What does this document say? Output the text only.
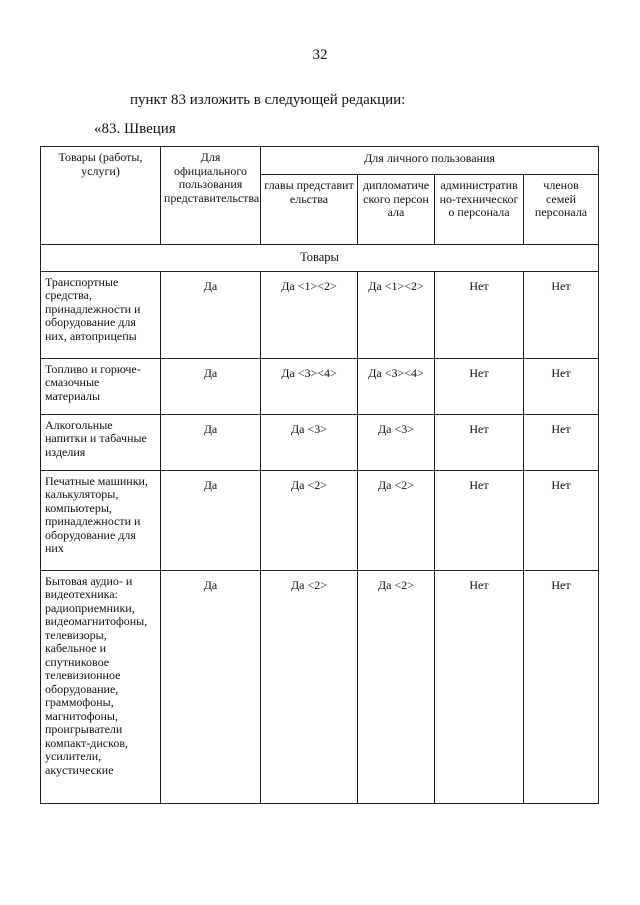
32
пункт 83 изложить в следующей редакции:
«83. Швеция
Товары (работы, услуги)	Для официального пользования представительства	Для личного пользования			
		главы представительства	дипломатического персонала	административно-технического персонала	членов семей персонала
Товары					
Транспортные средства, принадлежности и оборудование для них, автоприцепы	Да	Да <1><2>	Да <1><2>	Нет	Нет
Топливо и горюче-смазочные материалы	Да	Да <3><4>	Да <3><4>	Нет	Нет
Алкогольные напитки и табачные изделия	Да	Да <3>	Да <3>	Нет	Нет
Печатные машинки, калькуляторы, компьютеры, принадлежности и оборудование для них	Да	Да <2>	Да <2>	Нет	Нет
Бытовая аудио- и видеотехника: радиоприемники, видеомагнитофоны, телевизоры, кабельное и спутниковое телевизионное оборудование, граммофоны, магнитофоны, проигрыватели компакт-дисков, усилители, акустические	Да	Да <2>	Да <2>	Нет	Нет
